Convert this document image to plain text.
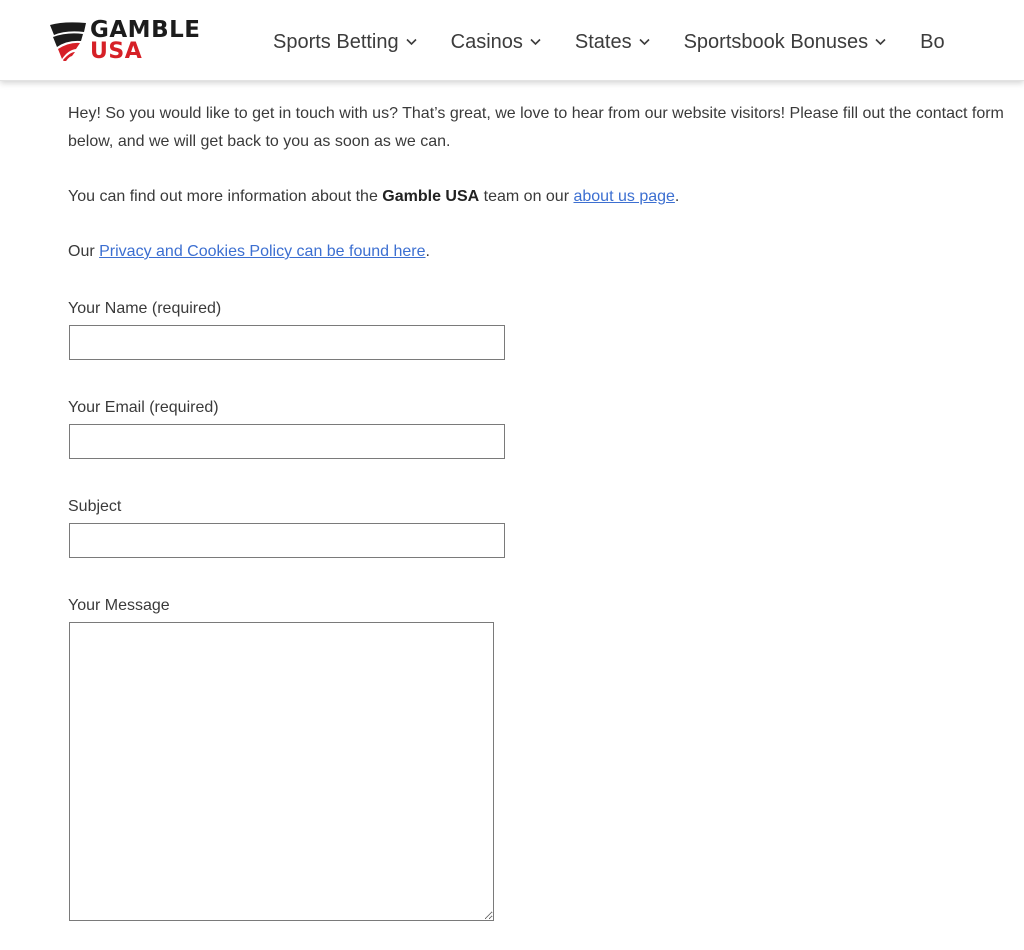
GAMBLE
USA	Sports Betting	Casinos	States	Sportsbook Bonuses	Bo

Hey! So you would like to get in touch with us? That’s great, we love to hear from our website visitors! Please fill out the contact form below, and we will get back to you as soon as we can.

You can find out more information about the Gamble USA team on our about us page.

Our Privacy and Cookies Policy can be found here.

Your Name (required)
Your Email (required)
Subject
Your Message
